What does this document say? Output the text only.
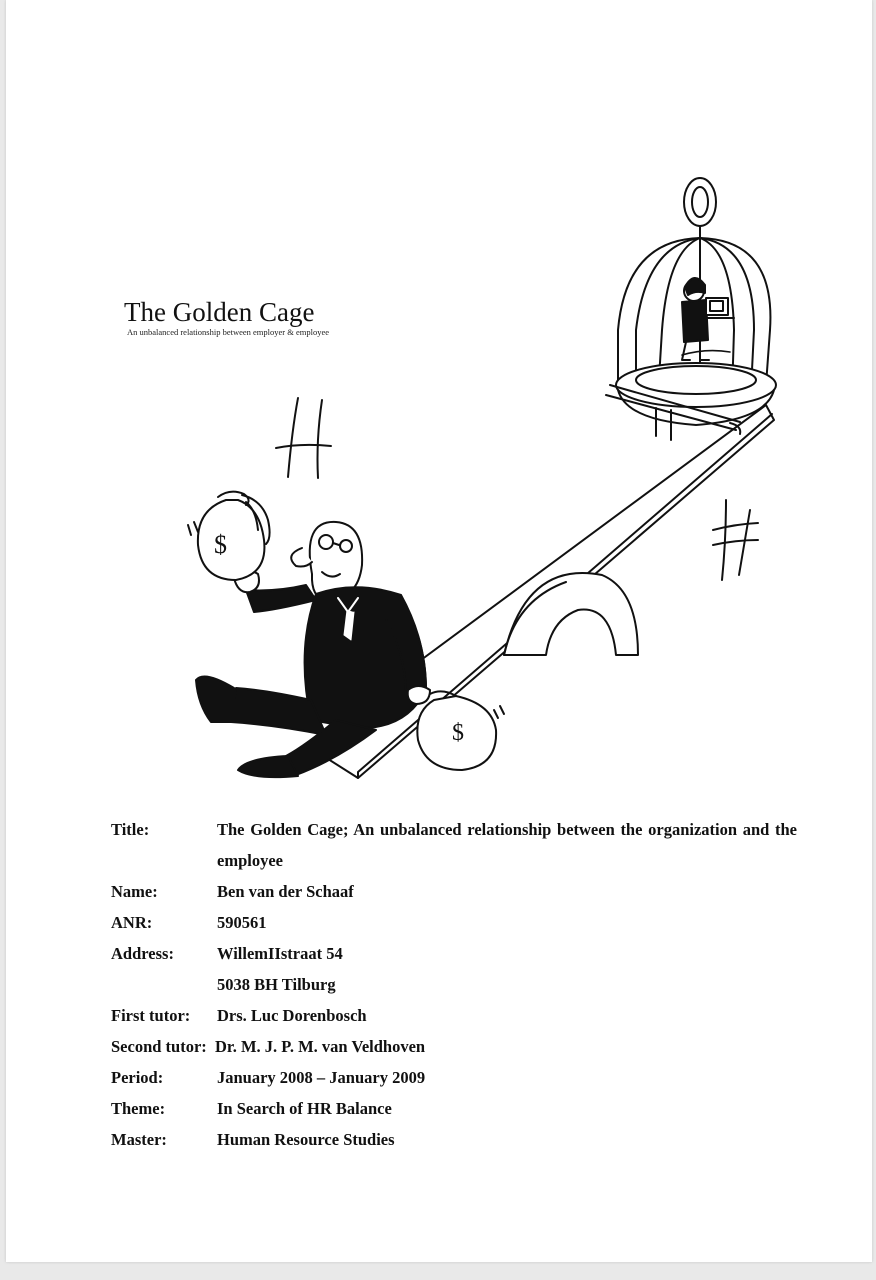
$
$
The Golden Cage
An unbalanced relationship between employer & employee
Title:	The Golden Cage; An unbalanced relationship between the organization and the employee
Name:	Ben van der Schaaf
ANR:	590561
Address:	WillemIIstraat 54
5038 BH Tilburg
First tutor:	Drs. Luc Dorenbosch
Second tutor: Dr. M. J. P. M. van Veldhoven
Period:	January 2008 – January 2009
Theme:	In Search of HR Balance
Master:	Human Resource Studies
